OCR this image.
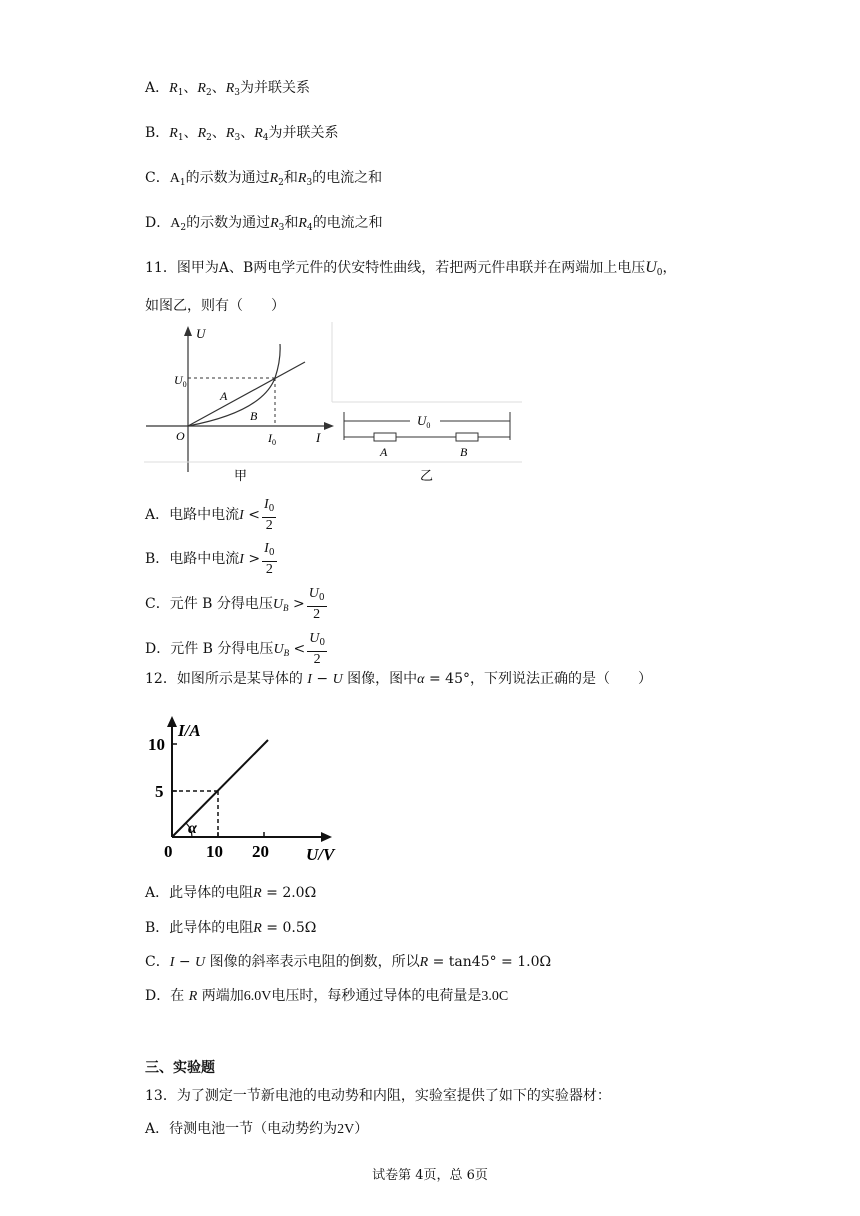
A．$R_1$、$R_2$、$R_3$为并联关系
B．$R_1$、$R_2$、$R_3$、$R_4$为并联关系
C．$A_1$的示数为通过$R_2$和$R_3$的电流之和
D．$A_2$的示数为通过$R_3$和$R_4$的电流之和
11．图甲为A、B两电学元件的伏安特性曲线，若把两元件串联并在两端加上电压$U_0$，
如图乙，则有（　　）
U
$U_0$
A
B
O	$I_0$	I
甲
$U_0$
A	B
乙
A．电路中电流$I < \frac{I_0}{2}$
B．电路中电流$I > \frac{I_0}{2}$
C．元件 B 分得电压$U_B > \frac{U_0}{2}$
D．元件 B 分得电压$U_B < \frac{U_0}{2}$
12．如图所示是某导体的 I − U 图像，图中α = 45°，下列说法正确的是（　　）
α
I/A
10
5
0 10 20 U/V
A．此导体的电阻R = 2.0Ω
B．此导体的电阻R = 0.5Ω
C．I − U 图像的斜率表示电阻的倒数，所以R = tan45° = 1.0Ω
D．在 R 两端加6.0V电压时，每秒通过导体的电荷量是3.0C
三、实验题
13．为了测定一节新电池的电动势和内阻，实验室提供了如下的实验器材：
A．待测电池一节（电动势约为2V）
试卷第 4页，总 6页
